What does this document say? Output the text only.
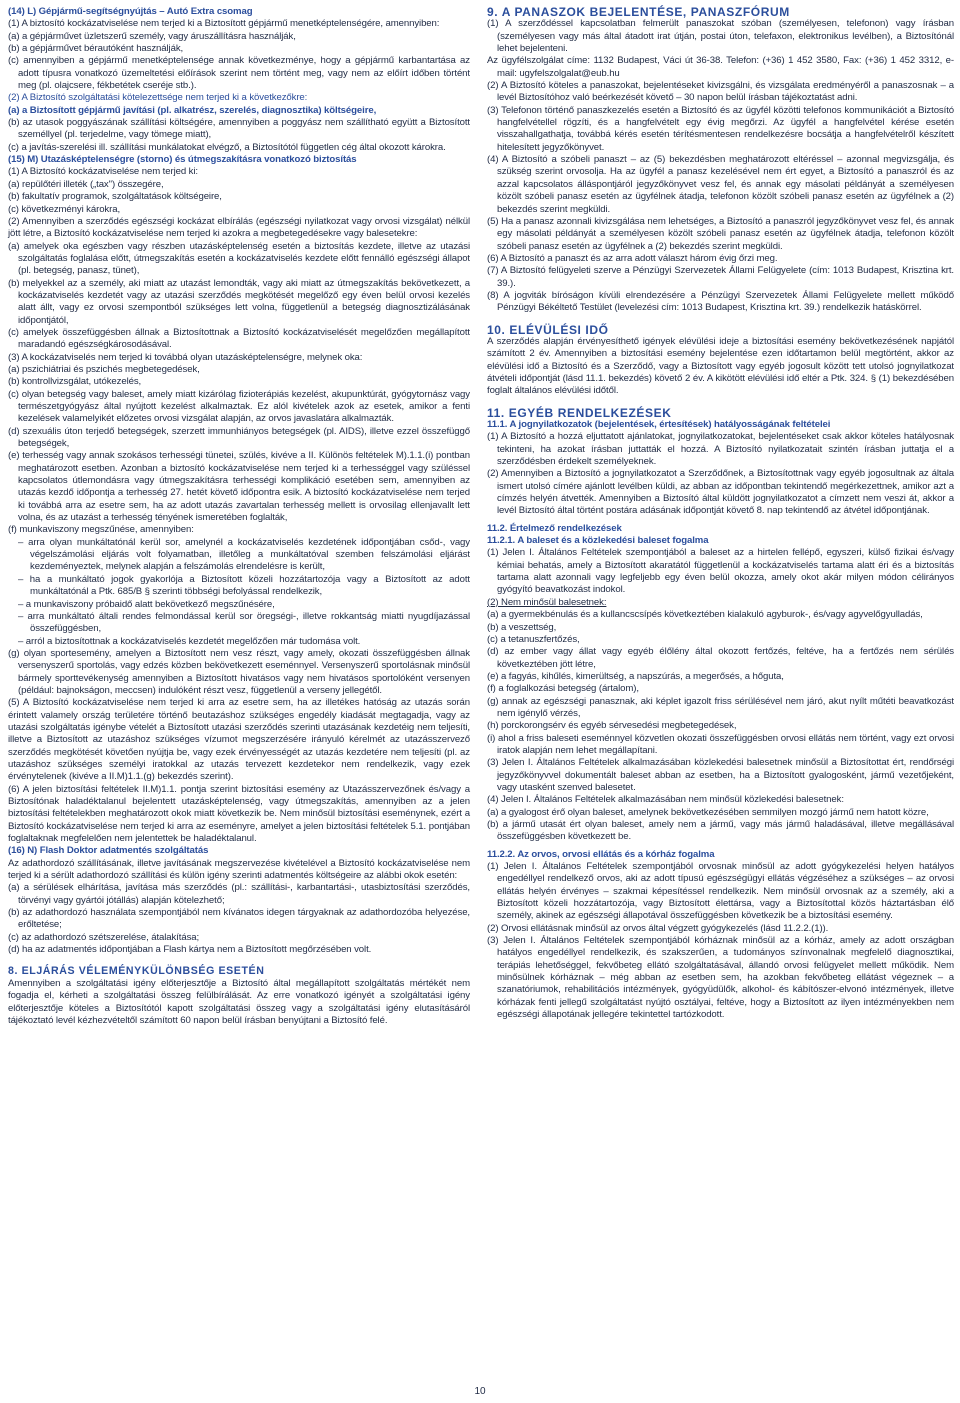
(14) L) Gépjármű-segítségnyújtás – Autó Extra csomag

(1) A biztosító kockázatviselése nem terjed ki a Biztosított gépjármű menetképtelenségére, amennyiben:

(a) a gépjárművet üzletszerű személy, vagy áruszállításra használják,

(b) a gépjárművet bérautóként használják,

(c) amennyiben a gépjármű menetképtelensége annak következménye, hogy a gépjármű karbantartása az adott típusra vonatkozó üzemeltetési előírások szerint nem történt meg, vagy nem az előírt időben történt meg (pl. olajcsere, fékbetétek cseréje stb.).

(2) A Biztosító szolgáltatási kötelezettsége nem terjed ki a következőkre:

(a) a Biztosított gépjármű javítási (pl. alkatrész, szerelés, diagnosztika) költségeire,

(b) az utasok poggyászának szállítási költségére, amennyiben a poggyász nem szállítható együtt a Biztosított személlyel (pl. terjedelme, vagy tömege miatt),

(c) a javítás-szerelési ill. szállítási munkálatokat elvégző, a Biztosítótól független cég által okozott károkra.

(15) M) Utazásképtelenségre (storno) és útmegszakításra vonatkozó biztosítás

(1) A Biztosító kockázatviselése nem terjed ki:

(a) repülőtéri illeték („tax") összegére,

(b) fakultatív programok, szolgáltatások költségeire,

(c) következményi károkra,

(2) Amennyiben a szerződés egészségi kockázat elbírálás (egészségi nyilatkozat vagy orvosi vizsgálat) nélkül jött létre, a Biztosító kockázatviselése nem terjed ki azokra a megbetegedésekre vagy balesetekre:

(a) amelyek oka egészben vagy részben utazásképtelenség esetén a biztosítás kezdete, illetve az utazási szolgáltatás foglalása előtt, útmegszakítás esetén a kockázatviselés kezdete előtt fennálló egészségi állapot (pl. betegség, panasz, tünet),

(b) melyekkel az a személy, aki miatt az utazást lemondták, vagy aki miatt az útmegszakítás bekövetkezett, a kockázatviselés kezdetét vagy az utazási szerződés megkötését megelőző egy éven belül orvosi kezelés alatt állt, vagy ez orvosi szempontból szükséges lett volna, függetlenül a betegség diagnosztizálásának időpontjától,

(c) amelyek összefüggésben állnak a Biztosítottnak a Biztosító kockázatviselését megelőzően megállapított maradandó egészségkárosodásával.

(3) A kockázatviselés nem terjed ki továbbá olyan utazásképtelenségre, melynek oka:

(a) pszichiátriai és pszichés megbetegedések,

(b) kontrollvizsgálat, utókezelés,

(c) olyan betegség vagy baleset, amely miatt kizárólag fizioterápiás kezelést, akupunktúrát, gyógytornász vagy természetgyógyász által nyújtott kezelést alkalmaztak. Ez alól kivételek azok az esetek, amikor a fenti kezelések valamelyikét előzetes orvosi vizsgálat alapján, az orvos javaslatára alkalmazták.

(d) szexuális úton terjedő betegségek, szerzett immunhiányos betegségek (pl. AIDS), illetve ezzel összefüggő betegségek,

(e) terhesség vagy annak szokásos terhességi tünetei, szülés, kivéve a II. Különös feltételek M).1.1.(i) pontban meghatározott esetben. Azonban a biztosító kockázatviselése nem terjed ki a terhességgel vagy szüléssel kapcsolatos útlemondásra vagy útmegszakításra terhességi komplikáció esetében sem, amennyiben az utazás kezdő időpontja a terhesség 27. hetét követő időpontra esik. A biztosító kockázatviselése nem terjed ki továbbá arra az esetre sem, ha az adott utazás zavartalan terhesség mellett is orvosilag ellenjavallt lett volna, és az utazást a terhesség tényének ismeretében foglalták,

(f) munkaviszony megszűnése, amennyiben:

– arra olyan munkáltatónál kerül sor, amelynél a kockázatviselés kezdetének időpontjában csőd-, vagy végelszámolási eljárás volt folyamatban, illetőleg a munkáltatóval szemben felszámolási eljárást kezdeményeztek, melynek alapján a felszámolás elrendelésre is került,

– ha a munkáltató jogok gyakorlója a Biztosított közeli hozzátartozója vagy a Biztosított az adott munkáltatónál a Ptk. 685/B § szerinti többségi befolyással rendelkezik,

– a munkaviszony próbaidő alatt bekövetkező megszűnésére,

– arra munkáltató általi rendes felmondással kerül sor öregségi-, illetve rokkantság miatti nyugdíjazással összefüggésben,

– arról a biztosítottnak a kockázatviselés kezdetét megelőzően már tudomása volt.

(g) olyan sportesemény, amelyen a Biztosított nem vesz részt, vagy amely, okozati összefüggésben állnak versenyszerű sportolás, vagy edzés közben bekövetkezett eseménnyel. Versenyszerű sportolásnak minősül bármely sporttevékenység amennyiben a Biztosított hivatásos vagy nem hivatásos sportolóként versenyen (például: bajnokságon, meccsen) indulóként részt vesz, függetlenül a verseny jellegétől.

(5) A Biztosító kockázatviselése nem terjed ki arra az esetre sem, ha az illetékes hatóság az utazás során érintett valamely ország területére történő beutazáshoz szükséges engedély kiadását megtagadja, vagy az utazási szolgáltatás igénybe vételét a Biztosított utazási szerződés szerinti utazásának kezdetéig nem teljesíti, illetve a Biztosított az utazáshoz szükséges vízumot megszerzésére irányuló kérelmét az utazásszervező szerződés megkötését követően nyújtja be, vagy ezek érvényességét az utazás kezdetére nem teljesíti (pl. az utazáshoz szükséges személyi iratokkal az utazás tervezett kezdetekor nem rendelkezik, vagy ezek érvénytelenek (kivéve a II.M)1.1.(g) bekezdés szerint).

(6) A jelen biztosítási feltételek II.M)1.1. pontja szerint biztosítási esemény az Utazásszervezőnek és/vagy a Biztosítónak haladéktalanul bejelentett utazásképtelenség, vagy útmegszakítás, amennyiben az a jelen biztosítási feltételekben meghatározott okok miatt következik be. Nem minősül biztosítási eseménynek, ezért a Biztosító kockázatviselése nem terjed ki arra az eseményre, amelyet a jelen biztosítási feltételek 5.1. pontjában foglaltaknak megfelelően nem jelentettek be haladéktalanul.

(16) N) Flash Doktor adatmentés szolgáltatás

Az adathordozó szállításának, illetve javításának megszervezése kivételével a Biztosító kockázatviselése nem terjed ki a sérült adathordozó szállítási és külön igény szerinti adatmentés költségeire az alábbi okok esetén:

(a) a sérülések elhárítása, javítása más szerződés (pl.: szállítási-, karbantartási-, utasbiztosítási szerződés, törvényi vagy gyártói jótállás) alapján kötelezhető;

(b) az adathordozó használata szempontjából nem kívánatos idegen tárgyaknak az adathordozóba helyezése, erőltetése;

(c) az adathordozó szétszerelése, átalakítása;

(d) ha az adatmentés időpontjában a Flash kártya nem a Biztosított megőrzésében volt.

8. ELJÁRÁS VÉLEMÉNYKÜLÖNBSÉG ESETÉN

Amennyiben a szolgáltatási igény előterjesztője a Biztosító által megállapított szolgáltatás mértékét nem fogadja el, kérheti a szolgáltatási összeg felülbírálását. Az erre vonatkozó igényét a szolgáltatási igény előterjesztője köteles a Biztosítótól kapott szolgáltatási összeg vagy a szolgáltatási igény elutasításáról tájékoztató levél kézhezvételtől számított 60 napon belül írásban benyújtani a Biztosító felé.

9. A PANASZOK BEJELENTÉSE, PANASZFÓRUM

(1) A szerződéssel kapcsolatban felmerült panaszokat szóban (személyesen, telefonon) vagy írásban (személyesen vagy más által átadott irat útján, postai úton, telefaxon, elektronikus levélben), a Biztosítónál lehet bejelenteni.

Az ügyfélszolgálat címe: 1132 Budapest, Váci út 36-38. Telefon: (+36) 1 452 3580, Fax: (+36) 1 452 3312, e-mail: ugyfelszolgalat@eub.hu

(2) A Biztosító köteles a panaszokat, bejelentéseket kivizsgálni, és vizsgálata eredményéről a panaszosnak – a levél Biztosítóhoz való beérkezését követő – 30 napon belül írásban tájékoztatást adni.

(3) Telefonon történő panaszkezelés esetén a Biztosító és az ügyfél közötti telefonos kommunikációt a Biztosító hangfelvétellel rögzíti, és a hangfelvételt egy évig megőrzi. Az ügyfél a hangfelvétel kérése esetén visszahallgathatja, továbbá kérés esetén térítésmentesen rendelkezésre bocsátja a hangfelvételről készített hitelesített jegyzőkönyvet.

(4) A Biztosító a szóbeli panaszt – az (5) bekezdésben meghatározott eltéréssel – azonnal megvizsgálja, és szükség szerint orvosolja. Ha az ügyfél a panasz kezelésével nem ért egyet, a Biztosító a panaszról és az azzal kapcsolatos álláspontjáról jegyzőkönyvet vesz fel, és annak egy másolati példányát a személyesen közölt szóbeli panasz esetén az ügyfélnek átadja, telefonon közölt szóbeli panasz esetén az ügyfélnek a (2) bekezdés szerint megküldi.

(5) Ha a panasz azonnali kivizsgálása nem lehetséges, a Biztosító a panaszról jegyzőkönyvet vesz fel, és annak egy másolati példányát a személyesen közölt szóbeli panasz esetén az ügyfélnek átadja, telefonon közölt szóbeli panasz esetén az ügyfélnek a (2) bekezdés szerint megküldi.

(6) A Biztosító a panaszt és az arra adott választ három évig őrzi meg.

(7) A Biztosító felügyeleti szerve a Pénzügyi Szervezetek Állami Felügyelete (cím: 1013 Budapest, Krisztina krt. 39.).

(8) A jogviták bíróságon kívüli elrendezésére a Pénzügyi Szervezetek Állami Felügyelete mellett működő Pénzügyi Békéltető Testület (levelezési cím: 1013 Budapest, Krisztina krt. 39.) rendelkezik hatáskörrel.

10. ELÉVÜLÉSI IDŐ

A szerződés alapján érvényesíthető igények elévülési ideje a biztosítási esemény bekövetkezésének napjától számított 2 év. Amennyiben a biztosítási esemény bejelentése ezen időtartamon belül megtörtént, akkor az elévülési idő a Biztosító és a Szerződő, vagy a Biztosított vagy egyéb jogosult között tett utolsó jognyilatkozat átvételi időpontját (lásd 11.1. bekezdés) követő 2 év. A kikötött elévülési idő eltér a Ptk. 324. § (1) bekezdésében foglalt általános elévülési időtől.

11. EGYÉB RENDELKEZÉSEK

11.1. A jognyilatkozatok (bejelentések, értesítések) hatályosságának feltételei

(1) A Biztosító a hozzá eljuttatott ajánlatokat, jognyilatkozatokat, bejelentéseket csak akkor köteles hatályosnak tekinteni, ha azokat írásban juttatták el hozzá. A Biztosító nyilatkozatait szintén írásban juttatja el a szerződésben érdekelt személyeknek.

(2) Amennyiben a Biztosító a jognyilatkozatot a Szerződőnek, a Biztosítottnak vagy egyéb jogosultnak az általa ismert utolsó címére ajánlott levélben küldi, az abban az időpontban tekintendő megérkezettnek, amikor azt a címzés helyén átvették. Amennyiben a Biztosító által küldött jognyilatkozatot a címzett nem veszi át, akkor a levél Biztosító által történt postára adásának időpontját követő 8. nap tekintendő az átvétel időpontjának.

11.2. Értelmező rendelkezések

11.2.1. A baleset és a közlekedési baleset fogalma

(1) Jelen I. Általános Feltételek szempontjából a baleset az a hirtelen fellépő, egyszeri, külső fizikai és/vagy kémiai behatás, amely a Biztosított akaratától függetlenül a kockázatviselés tartama alatt éri és a biztosítás tartama alatt azonnali vagy legfeljebb egy éven belül okozza, amely okot akár milyen módon célirányos gyógyító beavatkozást indokol.

(2) Nem minősül balesetnek:

(a) a gyermekbénulás és a kullancscsípés következtében kialakuló agyburok-, és/vagy agyvelőgyulladás,

(b) a veszettség,

(c) a tetanuszfertőzés,

(d) az ember vagy állat vagy egyéb élőlény által okozott fertőzés, feltéve, ha a fertőzés nem sérülés következtében jött létre,

(e) a fagyás, kihűlés, kimerültség, a napszúrás, a megerősés, a hőguta,

(f) a foglalkozási betegség (ártalom),

(g) annak az egészségi panasznak, aki képlet igazolt friss sérülésével nem járó, akut nyílt műtéti beavatkozást nem igénylő vérzés,

(h) porckorongsérv és egyéb sérvesedési megbetegedések,

(i) ahol a friss baleseti eseménnyel közvetlen okozati összefüggésben orvosi ellátás nem történt, vagy ezt orvosi iratok alapján nem lehet megállapítani.

(3) Jelen I. Általános Feltételek alkalmazásában közlekedési balesetnek minősül a Biztosítottat ért, rendőrségi jegyzőkönyvvel dokumentált baleset abban az esetben, ha a Biztosított gyalogosként, jármű vezetőjeként, vagy utasként szenved balesetet.

(4) Jelen I. Általános Feltételek alkalmazásában nem minősül közlekedési balesetnek:

(a) a gyalogost érő olyan baleset, amelynek bekövetkezésében semmilyen mozgó jármű nem hatott közre,

(b) a jármű utasát ért olyan baleset, amely nem a jármű, vagy más jármű haladásával, illetve megállásával összefüggésben következett be.

11.2.2. Az orvos, orvosi ellátás és a kórház fogalma

(1) Jelen I. Általános Feltételek szempontjából orvosnak minősül az adott gyógykezelési helyen hatályos engedéllyel rendelkező orvos, aki az adott típusú egészségügyi ellátás végzéséhez a szükséges – az orvosi ellátás helyén érvényes – szakmai képesítéssel rendelkezik. Nem minősül orvosnak az a személy, aki a Biztosított közeli hozzátartozója, vagy Biztosított élettársa, vagy a Biztosítottal közös háztartásban élő személy, akinek az egészségi állapotával összefüggésben következik be a biztosítási esemény.

(2) Orvosi ellátásnak minősül az orvos által végzett gyógykezelés (lásd 11.2.2.(1)).

(3) Jelen I. Általános Feltételek szempontjából kórháznak minősül az a kórház, amely az adott országban hatályos engedéllyel rendelkezik, és szakszerűen, a tudományos színvonalnak megfelelő diagnosztikai, terápiás lehetőséggel, fekvőbeteg ellátó szolgáltatásával, állandó orvosi felügyelet mellett működik. Nem minősülnek kórháznak – még abban az esetben sem, ha azokban fekvőbeteg ellátást végeznek – a szanatóriumok, rehabilitációs intézmények, gyógyüdülők, alkohol- és kábítószer-elvonó intézmények, illetve kórházak fenti jellegű szolgáltatást nyújtó osztályai, feltéve, hogy a Biztosított az ilyen intézményekben nem egészségi állapotának jellegére tekintettel tartózkodott.

10
